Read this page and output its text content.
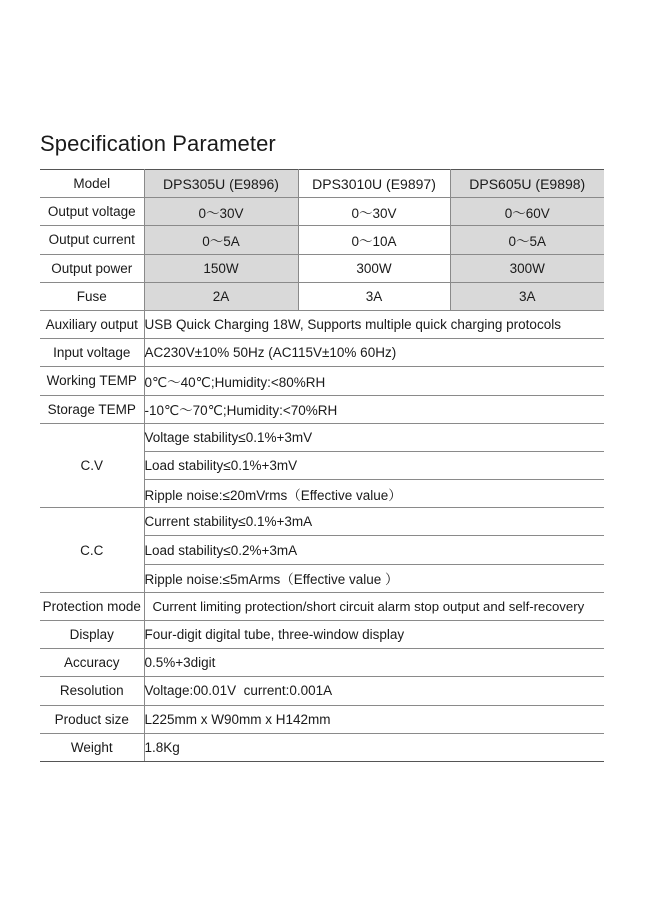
Specification Parameter
Model	DPS305U (E9896)	DPS3010U (E9897)	DPS605U (E9898)
Output voltage	0～30V	0～30V	0～60V
Output current	0～5A	0～10A	0～5A
Output power	150W	300W	300W
Fuse	2A	3A	3A
Auxiliary output	USB Quick Charging 18W, Supports multiple quick charging protocols		
Input voltage	AC230V±10% 50Hz (AC115V±10% 60Hz)		
Working TEMP	0℃～40℃;Humidity:<80%RH		
Storage TEMP	-10℃～70℃;Humidity:<70%RH		
C.V	Voltage stability≤0.1%+3mV		
	Load stability≤0.1%+3mV		
	Ripple noise:≤20mVrms（Effective value）		
C.C	Current stability≤0.1%+3mA		
	Load stability≤0.2%+3mA		
	Ripple noise:≤5mArms（Effective value ）		
Protection mode	Current limiting protection/short circuit alarm stop output and self-recovery		
Display	Four-digit digital tube, three-window display		
Accuracy	0.5%+3digit		
Resolution	Voltage:00.01V  current:0.001A		
Product size	L225mm x W90mm x H142mm		
Weight	1.8Kg		
